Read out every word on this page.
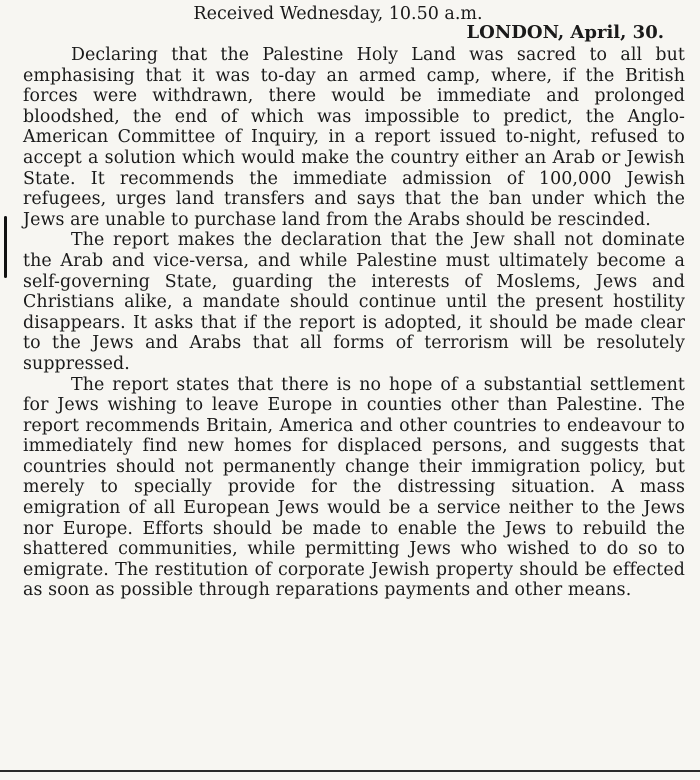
Received Wednesday, 10.50 a.m.
LONDON, April, 30.

Declaring that the Palestine Holy Land was sacred to all but emphasising that it was to-day an armed camp, where, if the British forces were withdrawn, there would be immediate and prolonged bloodshed, the end of which was impossible to predict, the Anglo-American Committee of Inquiry, in a report issued to-night, refused to accept a solution which would make the country either an Arab or Jewish State. It recommends the immediate admission of 100,000 Jewish refugees, urges land transfers and says that the ban under which the Jews are unable to purchase land from the Arabs should be rescinded.

The report makes the declaration that the Jew shall not dominate the Arab and vice-versa, and while Palestine must ultimately become a self-governing State, guarding the interests of Moslems, Jews and Christians alike, a mandate should continue until the present hostility disappears. It asks that if the report is adopted, it should be made clear to the Jews and Arabs that all forms of terrorism will be resolutely suppressed.

The report states that there is no hope of a substantial settlement for Jews wishing to leave Europe in counties other than Palestine. The report recommends Britain, America and other countries to endeavour to immediately find new homes for displaced persons, and suggests that countries should not permanently change their immigration policy, but merely to specially provide for the distressing situation. A mass emigration of all European Jews would be a service neither to the Jews nor Europe. Efforts should be made to enable the Jews to rebuild the shattered communities, while permitting Jews who wished to do so to emigrate. The restitution of corporate Jewish property should be effected as soon as possible through reparations payments and other means.
